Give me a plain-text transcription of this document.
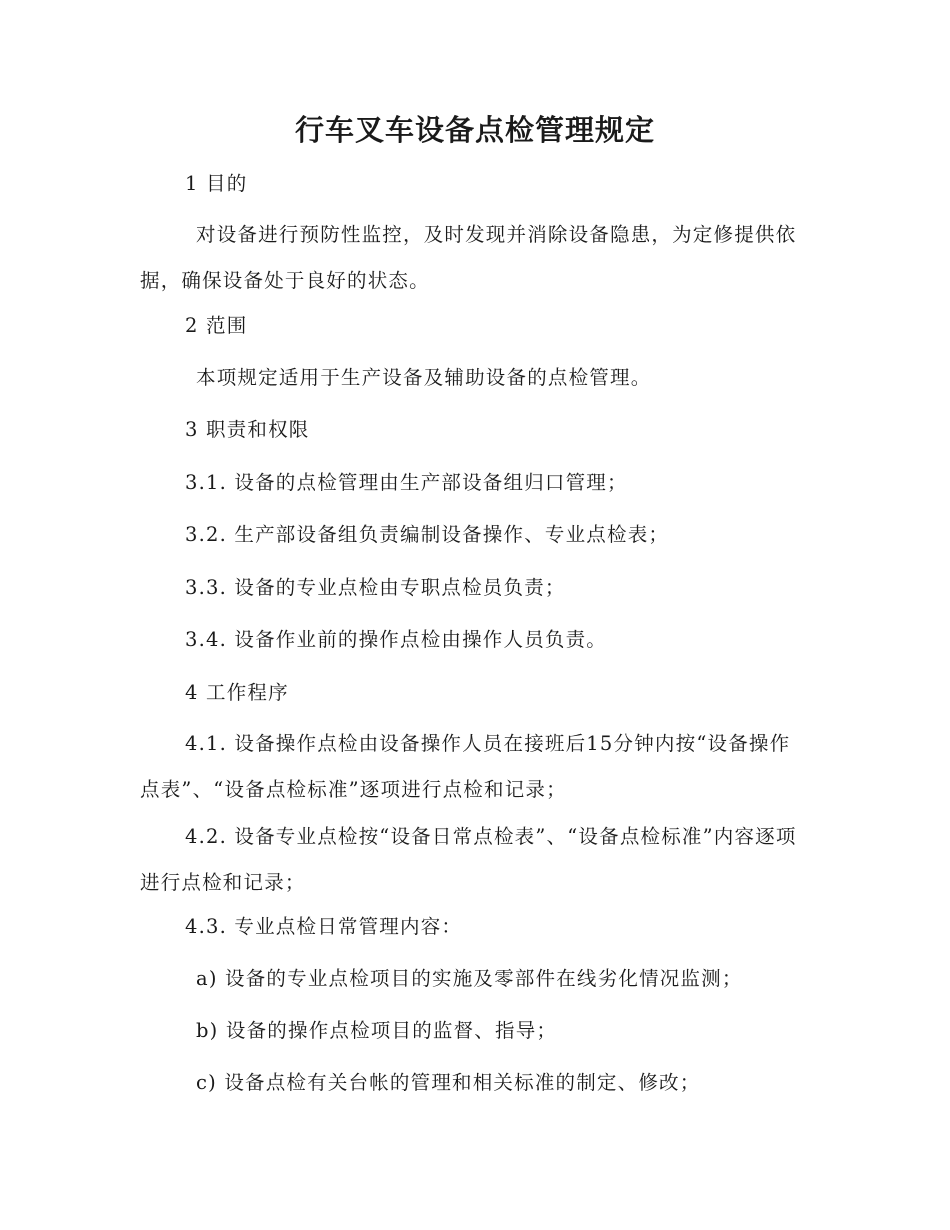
行车叉车设备点检管理规定
1 目的
对设备进行预防性监控，及时发现并消除设备隐患，为定修提供依据，确保设备处于良好的状态。
2 范围
本项规定适用于生产设备及辅助设备的点检管理。
3 职责和权限
3.1. 设备的点检管理由生产部设备组归口管理；
3.2. 生产部设备组负责编制设备操作、专业点检表；
3.3. 设备的专业点检由专职点检员负责；
3.4. 设备作业前的操作点检由操作人员负责。
4 工作程序
4.1. 设备操作点检由设备操作人员在接班后15分钟内按“设备操作点表”、“设备点检标准”逐项进行点检和记录；
4.2. 设备专业点检按“设备日常点检表”、“设备点检标准”内容逐项进行点检和记录；
4.3. 专业点检日常管理内容：
a) 设备的专业点检项目的实施及零部件在线劣化情况监测；
b) 设备的操作点检项目的监督、指导；
c) 设备点检有关台帐的管理和相关标准的制定、修改；
